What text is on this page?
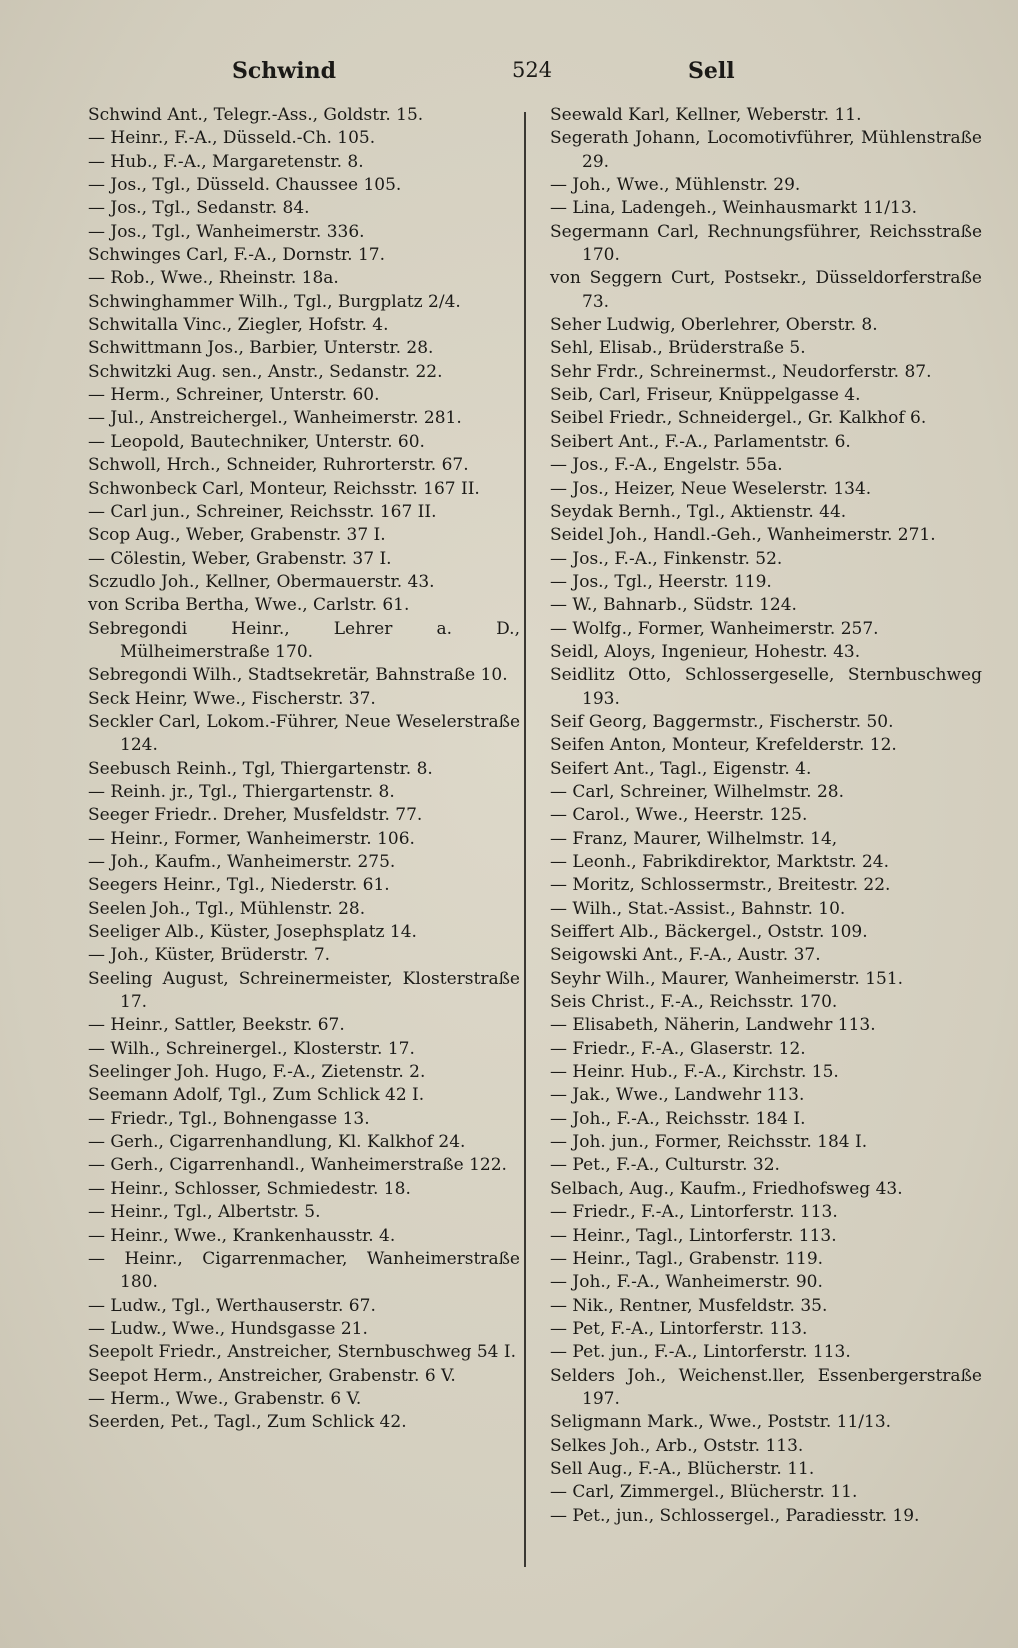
Schwind	524	Sell
Schwind Ant., Telegr.-Ass., Goldstr. 15.
— Heinr., F.-A., Düsseld.-Ch. 105.
— Hub., F.-A., Margaretenstr. 8.
— Jos., Tgl., Düsseld. Chaussee 105.
— Jos., Tgl., Sedanstr. 84.
— Jos., Tgl., Wanheimerstr. 336.
Schwinges Carl, F.-A., Dornstr. 17.
— Rob., Wwe., Rheinstr. 18a.
Schwinghammer Wilh., Tgl., Burgplatz 2/4.
Schwitalla Vinc., Ziegler, Hofstr. 4.
Schwittmann Jos., Barbier, Unterstr. 28.
Schwitzki Aug. sen., Anstr., Sedanstr. 22.
— Herm., Schreiner, Unterstr. 60.
— Jul., Anstreichergel., Wanheimerstr. 281.
— Leopold, Bautechniker, Unterstr. 60.
Schwoll, Hrch., Schneider, Ruhrorterstr. 67.
Schwonbeck Carl, Monteur, Reichsstr. 167 II.
— Carl jun., Schreiner, Reichsstr. 167 II.
Scop Aug., Weber, Grabenstr. 37 I.
— Cölestin, Weber, Grabenstr. 37 I.
Sczudlo Joh., Kellner, Obermauerstr. 43.
von Scriba Bertha, Wwe., Carlstr. 61.
Sebregondi Heinr., Lehrer a. D., Mülheimerstraße 170.
Sebregondi Wilh., Stadtsekretär, Bahnstraße 10.
Seck Heinr, Wwe., Fischerstr. 37.
Seckler Carl, Lokom.-Führer, Neue Weselerstraße 124.
Seebusch Reinh., Tgl, Thiergartenstr. 8.
— Reinh. jr., Tgl., Thiergartenstr. 8.
Seeger Friedr.. Dreher, Musfeldstr. 77.
— Heinr., Former, Wanheimerstr. 106.
— Joh., Kaufm., Wanheimerstr. 275.
Seegers Heinr., Tgl., Niederstr. 61.
Seelen Joh., Tgl., Mühlenstr. 28.
Seeliger Alb., Küster, Josephsplatz 14.
— Joh., Küster, Brüderstr. 7.
Seeling August, Schreinermeister, Klosterstraße 17.
— Heinr., Sattler, Beekstr. 67.
— Wilh., Schreinergel., Klosterstr. 17.
Seelinger Joh. Hugo, F.-A., Zietenstr. 2.
Seemann Adolf, Tgl., Zum Schlick 42 I.
— Friedr., Tgl., Bohnengasse 13.
— Gerh., Cigarrenhandlung, Kl. Kalkhof 24.
— Gerh., Cigarrenhandl., Wanheimerstraße 122.
— Heinr., Schlosser, Schmiedestr. 18.
— Heinr., Tgl., Albertstr. 5.
— Heinr., Wwe., Krankenhausstr. 4.
— Heinr., Cigarrenmacher, Wanheimerstraße 180.
— Ludw., Tgl., Werthauserstr. 67.
— Ludw., Wwe., Hundsgasse 21.
Seepolt Friedr., Anstreicher, Sternbuschweg 54 I.
Seepot Herm., Anstreicher, Grabenstr. 6 V.
— Herm., Wwe., Grabenstr. 6 V.
Seerden, Pet., Tagl., Zum Schlick 42.
Seewald Karl, Kellner, Weberstr. 11.
Segerath Johann, Locomotivführer, Mühlenstraße 29.
— Joh., Wwe., Mühlenstr. 29.
— Lina, Ladengeh., Weinhausmarkt 11/13.
Segermann Carl, Rechnungsführer, Reichsstraße 170.
von Seggern Curt, Postsekr., Düsseldorferstraße 73.
Seher Ludwig, Oberlehrer, Oberstr. 8.
Sehl, Elisab., Brüderstraße 5.
Sehr Frdr., Schreinermst., Neudorferstr. 87.
Seib, Carl, Friseur, Knüppelgasse 4.
Seibel Friedr., Schneidergel., Gr. Kalkhof 6.
Seibert Ant., F.-A., Parlamentstr. 6.
— Jos., F.-A., Engelstr. 55a.
— Jos., Heizer, Neue Weselerstr. 134.
Seydak Bernh., Tgl., Aktienstr. 44.
Seidel Joh., Handl.-Geh., Wanheimerstr. 271.
— Jos., F.-A., Finkenstr. 52.
— Jos., Tgl., Heerstr. 119.
— W., Bahnarb., Südstr. 124.
— Wolfg., Former, Wanheimerstr. 257.
Seidl, Aloys, Ingenieur, Hohestr. 43.
Seidlitz Otto, Schlossergeselle, Sternbuschweg 193.
Seif Georg, Baggermstr., Fischerstr. 50.
Seifen Anton, Monteur, Krefelderstr. 12.
Seifert Ant., Tagl., Eigenstr. 4.
— Carl, Schreiner, Wilhelmstr. 28.
— Carol., Wwe., Heerstr. 125.
— Franz, Maurer, Wilhelmstr. 14,
— Leonh., Fabrikdirektor, Marktstr. 24.
— Moritz, Schlossermstr., Breitestr. 22.
— Wilh., Stat.-Assist., Bahnstr. 10.
Seiffert Alb., Bäckergel., Oststr. 109.
Seigowski Ant., F.-A., Austr. 37.
Seyhr Wilh., Maurer, Wanheimerstr. 151.
Seis Christ., F.-A., Reichsstr. 170.
— Elisabeth, Näherin, Landwehr 113.
— Friedr., F.-A., Glaserstr. 12.
— Heinr. Hub., F.-A., Kirchstr. 15.
— Jak., Wwe., Landwehr 113.
— Joh., F.-A., Reichsstr. 184 I.
— Joh. jun., Former, Reichsstr. 184 I.
— Pet., F.-A., Culturstr. 32.
Selbach, Aug., Kaufm., Friedhofsweg 43.
— Friedr., F.-A., Lintorferstr. 113.
— Heinr., Tagl., Lintorferstr. 113.
— Heinr., Tagl., Grabenstr. 119.
— Joh., F.-A., Wanheimerstr. 90.
— Nik., Rentner, Musfeldstr. 35.
— Pet, F.-A., Lintorferstr. 113.
— Pet. jun., F.-A., Lintorferstr. 113.
Selders Joh., Weichenst.ller, Essenbergerstraße 197.
Seligmann Mark., Wwe., Poststr. 11/13.
Selkes Joh., Arb., Oststr. 113.
Sell Aug., F.-A., Blücherstr. 11.
— Carl, Zimmergel., Blücherstr. 11.
— Pet., jun., Schlossergel., Paradiesstr. 19.
